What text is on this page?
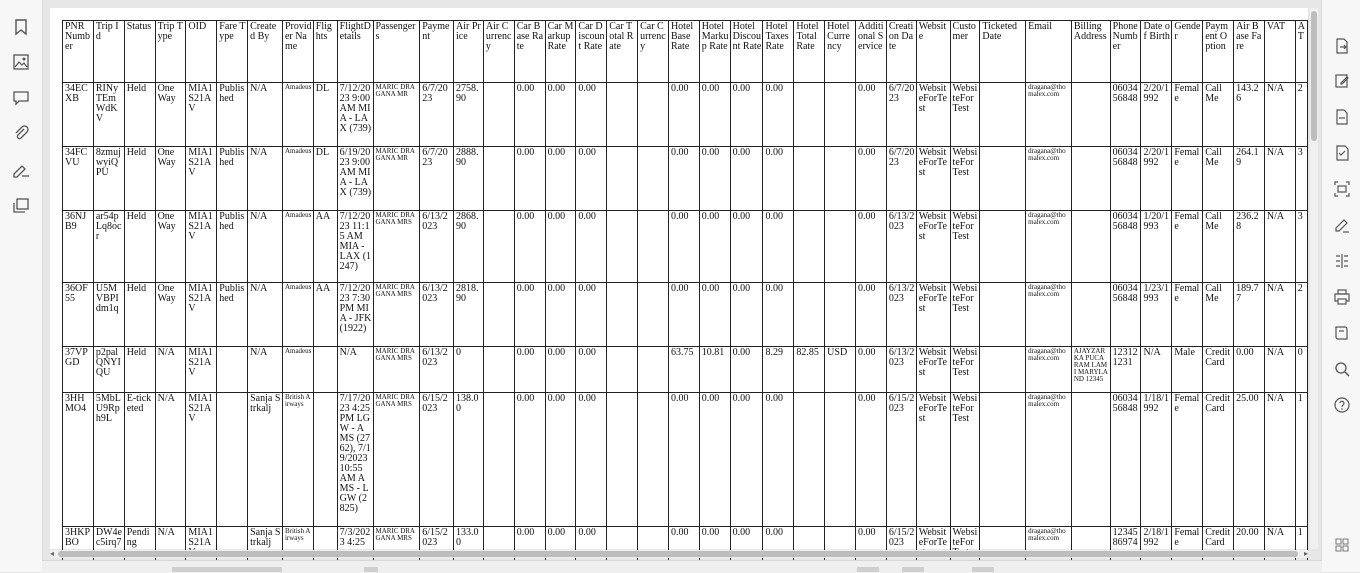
PNR Number	Trip Id	Status	Trip Type	OID	Fare Type	Created By	Provider Name	Flights	FlightDetails	Passengers	Payment	Air Price	Air Currency	Car Base Rate	Car Markup Rate	Car Discount Rate	Car Total Rate	Car Currency	Hotel Base Rate	Hotel Markup Rate	Hotel Discount Rate	Hotel Taxes Rate	Hotel Total Rate	Hotel Currency	Additional Service	Creation Date	Website	Customer	Ticketed Date	Email	Billing Address	Phone Number	Date of Birth	Gender	Payment Option	Air Base Fare	VAT	A T
34ECXB	RINyTEmWdKV	Held	One Way	MIA1S21AV	Published	N/A	Amadeus	DL	7/12/2023 9:00 AM MIA - LAX (739)	MARIC DRAGANA MR	6/7/2023	2758.90		0.00	0.00	0.00			0.00	0.00	0.00	0.00			0.00	6/7/2023	WebsiteForTest	WebsiteForTest		dragana@thomalex.com		0603456848	2/20/1992	Female	Call Me	143.26	N/A	2
34FCVU	8zmujwyiQPU	Held	One Way	MIA1S21AV	Published	N/A	Amadeus	DL	6/19/2023 9:00 AM MIA - LAX (739)	MARIC DRAGANA MR	6/7/2023	2888.90		0.00	0.00	0.00			0.00	0.00	0.00	0.00			0.00	6/7/2023	WebsiteForTest	WebsiteForTest		dragana@thomalex.com		0603456848	2/20/1992	Female	Call Me	264.19	N/A	3
36NJB9	ar54pLq8ocr	Held	One Way	MIA1S21AV	Published	N/A	Amadeus	AA	7/12/2023 11:15 AM MIA - LAX (1247)	MARIC DRAGANA MRS	6/13/2023	2868.90		0.00	0.00	0.00			0.00	0.00	0.00	0.00			0.00	6/13/2023	WebsiteForTest	WebsiteForTest		dragana@thomalex.com		0603456848	1/20/1993	Female	Call Me	236.28	N/A	3
36OF55	U5MVBPIdm1q	Held	One Way	MIA1S21AV	Published	N/A	Amadeus	AA	7/12/2023 7:30 PM MIA - JFK (1922)	MARIC DRAGANA MRS	6/13/2023	2818.90		0.00	0.00	0.00			0.00	0.00	0.00	0.00			0.00	6/13/2023	WebsiteForTest	WebsiteForTest		dragana@thomalex.com		0603456848	1/23/1993	Female	Call Me	189.77	N/A	2
37VPGD	p2palQNYIQU	Held	N/A	MIA1S21AV		N/A	Amadeus		N/A	MARIC DRAGANA MRS	6/13/2023	0		0.00	0.00	0.00			63.75	10.81	0.00	8.29	82.85	USD	0.00	6/13/2023	WebsiteForTest	WebsiteForTest		dragana@thomalex.com	AJAYZARKA PUCARAM LAMI MARYLAND 12345	123121231	N/A	Male	Credit Card	0.00	N/A	0
3HHMO4	5MbLU9Rph9L	E-ticketed	N/A	MIA1S21AV		Sanja Strkalj	British Airways		7/17/2023 4:25 PM LGW - AMS (2762), 7/19/2023 10:55 AM AMS - LGW (2825)	MARIC DRAGANA MRS	6/15/2023	138.00		0.00	0.00	0.00			0.00	0.00	0.00	0.00			0.00	6/15/2023	WebsiteForTest	WebsiteForTest		dragana@thomalex.com		0603456848	1/18/1992	Female	Credit Card	25.00	N/A	1
3HKPBO	DW4ec5irq7	Pending	N/A	MIA1S21A		Sanja Strkalj	British Airways		7/3/2023 4:25	MARIC DRAGANA MRS	6/15/2023	133.00		0.00	0.00	0.00			0.00	0.00	0.00	0.00			0.00	6/15/2023	WebsiteForTe	WebsiteFor		dragana@thomalex.com		1234586974	2/18/1992	Female	Credit Card	20.00	N/A	1
◂	▸
